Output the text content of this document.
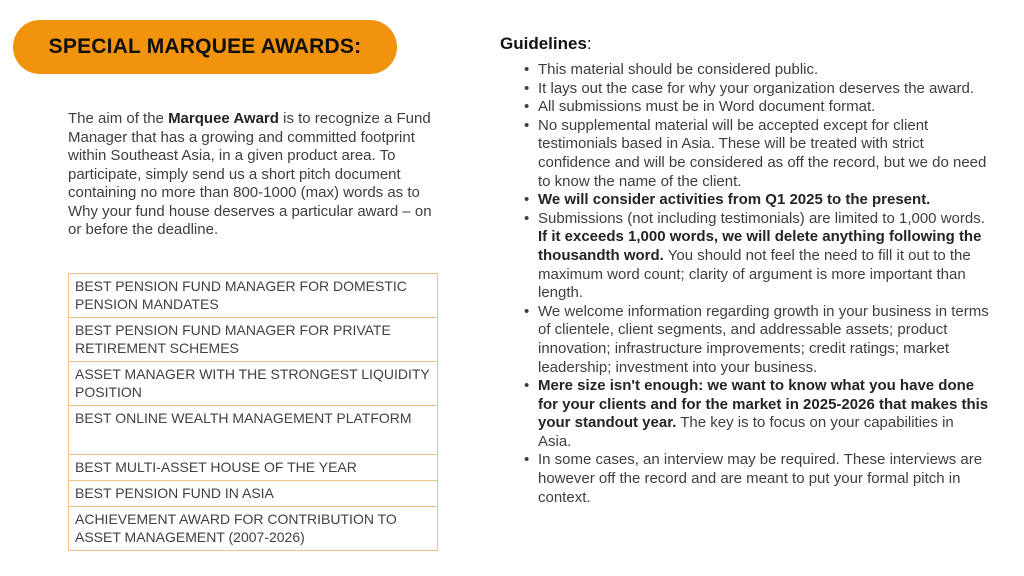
SPECIAL MARQUEE AWARDS:

The aim of the Marquee Award is to recognize a Fund Manager that has a growing and committed footprint within Southeast Asia, in a given product area. To participate, simply send us a short pitch document containing no more than 800-1000 (max) words as to Why your fund house deserves a particular award – on or before the deadline.

BEST PENSION FUND MANAGER FOR DOMESTIC PENSION MANDATES
BEST PENSION FUND MANAGER FOR PRIVATE RETIREMENT SCHEMES
ASSET MANAGER WITH THE STRONGEST LIQUIDITY POSITION
BEST ONLINE WEALTH MANAGEMENT PLATFORM
BEST MULTI-ASSET HOUSE OF THE YEAR
BEST PENSION FUND IN ASIA
ACHIEVEMENT AWARD FOR CONTRIBUTION TO ASSET MANAGEMENT (2007-2026)
Guidelines:
• This material should be considered public.
• It lays out the case for why your organization deserves the award.
• All submissions must be in Word document format.
• No supplemental material will be accepted except for client testimonials based in Asia. These will be treated with strict confidence and will be considered as off the record, but we do need to know the name of the client.
• We will consider activities from Q1 2025 to the present.
• Submissions (not including testimonials) are limited to 1,000 words. If it exceeds 1,000 words, we will delete anything following the thousandth word. You should not feel the need to fill it out to the maximum word count; clarity of argument is more important than length.
• We welcome information regarding growth in your business in terms of clientele, client segments, and addressable assets; product innovation; infrastructure improvements; credit ratings; market leadership; investment into your business.
• Mere size isn't enough: we want to know what you have done for your clients and for the market in 2025-2026 that makes this your standout year. The key is to focus on your capabilities in Asia.
• In some cases, an interview may be required. These interviews are however off the record and are meant to put your formal pitch in context.
